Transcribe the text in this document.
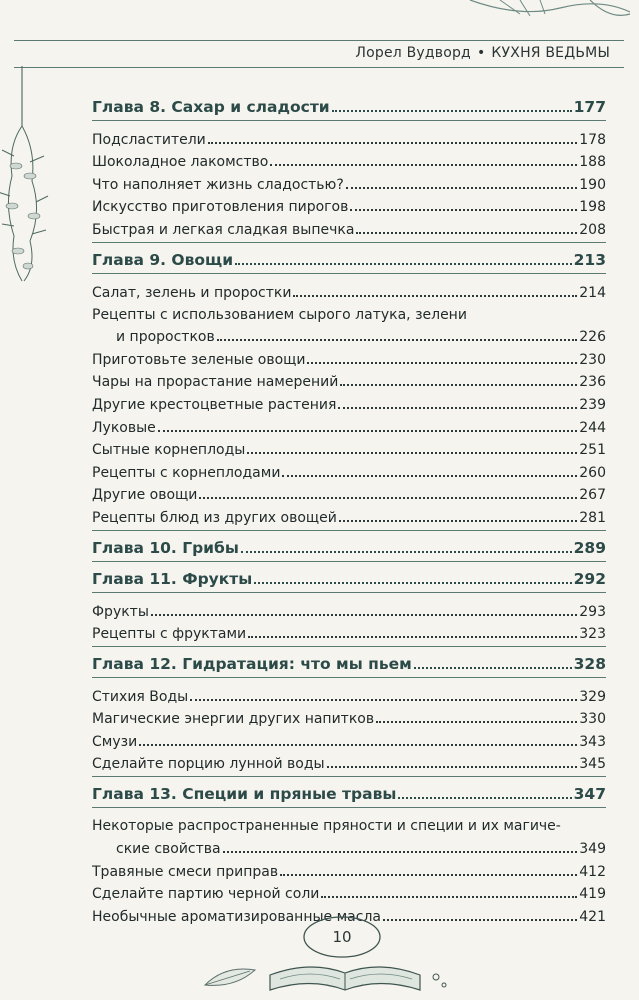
Лорел Вудворд • КУХНЯ ВЕДЬМЫ
Глава 8. Сахар и сладости	177
Подсластители	178
Шоколадное лакомство	188
Что наполняет жизнь сладостью?	190
Искусство приготовления пирогов	198
Быстрая и легкая сладкая выпечка	208
Глава 9. Овощи	213
Салат, зелень и проростки	214
Рецепты с использованием сырого латука, зелени
и проростков	226
Приготовьте зеленые овощи	230
Чары на прорастание намерений	236
Другие крестоцветные растения	239
Луковые	244
Сытные корнеплоды	251
Рецепты с корнеплодами	260
Другие овощи	267
Рецепты блюд из других овощей	281
Глава 10. Грибы	289
Глава 11. Фрукты	292
Фрукты	293
Рецепты с фруктами	323
Глава 12. Гидратация: что мы пьем	328
Стихия Воды	329
Магические энергии других напитков	330
Смузи	343
Сделайте порцию лунной воды	345
Глава 13. Специи и пряные травы	347
Некоторые распространенные пряности и специи и их магиче-
ские свойства	349
Травяные смеси приправ	412
Сделайте партию черной соли	419
Необычные ароматизированные масла	421
10
